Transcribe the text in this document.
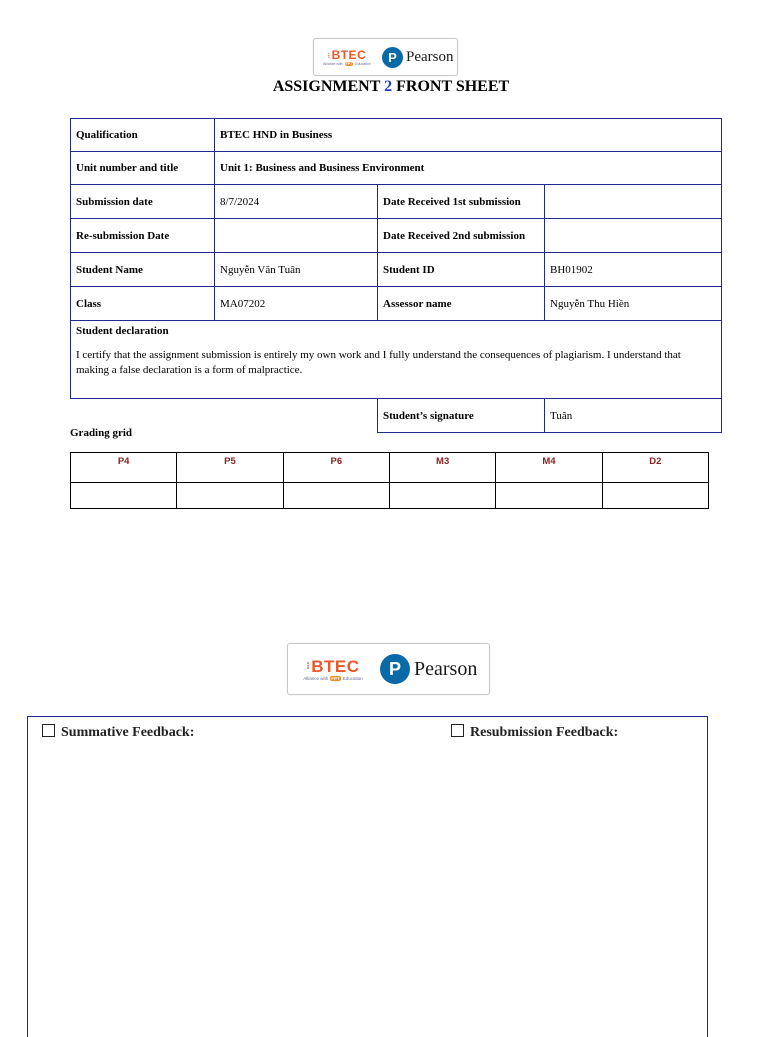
⁝BTEC
Alliance with FPT Education	P Pearson
ASSIGNMENT 2 FRONT SHEET
Qualification	BTEC HND in Business		
Unit number and title	Unit 1: Business and Business Environment		
Submission date	8/7/2024	Date Received 1st submission	
Re-submission Date		Date Received 2nd submission	
Student Name	Nguyễn Văn Tuân	Student ID	BH01902
Class	MA07202	Assessor name	Nguyễn Thu Hiền

Student declaration
I certify that the assignment submission is entirely my own work and I fully understand the consequences of plagiarism. I understand that making a false declaration is a form of malpractice.			

		Student’s signature	Tuân
Grading grid
P4	P5	P6	M3	M4	D2

⁝BTEC
Alliance with FPT Education	P Pearson
Summative Feedback:	Resubmission Feedback:
